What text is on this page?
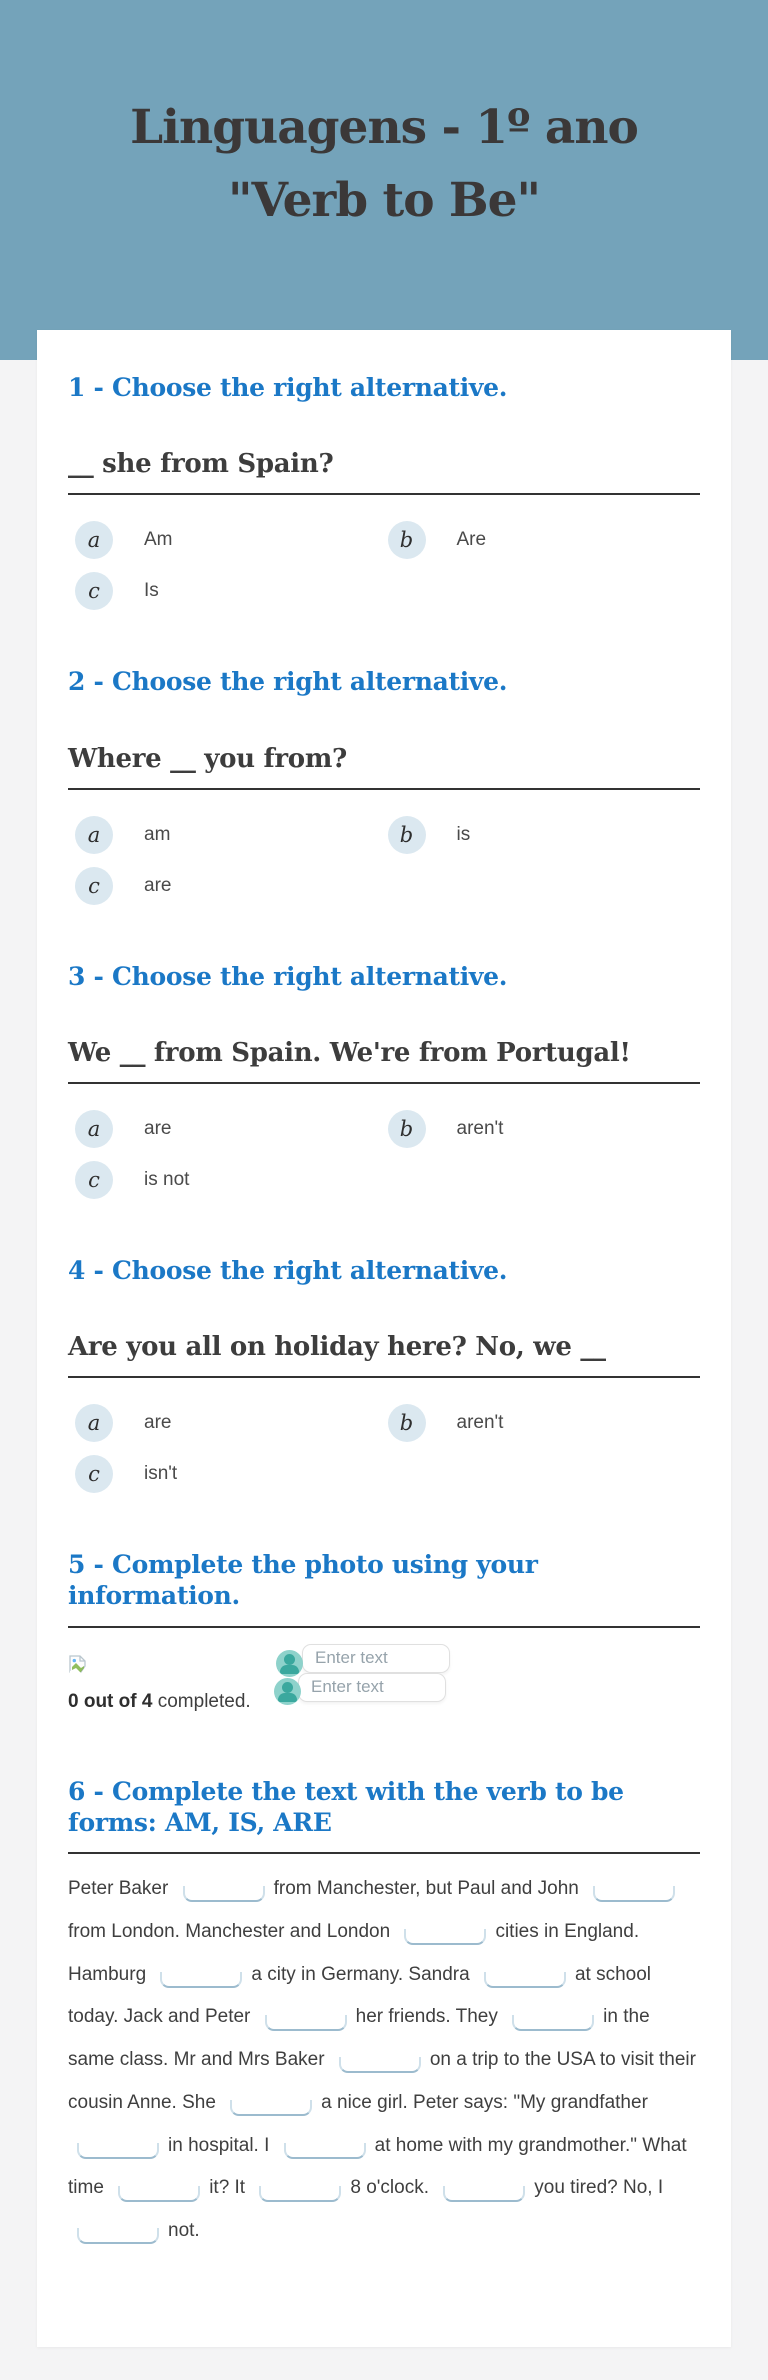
Linguagens - 1º ano "Verb to Be"
1 - Choose the right alternative.

__ she from Spain?

a	Am	b	Are
c	Is
2 - Choose the right alternative.

Where __ you from?

a	am	b	is
c	are
3 - Choose the right alternative.

We __ from Spain. We're from Portugal!

a	are	b	aren't
c	is not
4 - Choose the right alternative.

Are you all on holiday here? No, we __

a	are	b	aren't
c	isn't
5 - Complete the photo using your information.

0 out of 4 completed.

Enter text
Enter text
6 - Complete the text with the verb to be forms: AM, IS, ARE

Peter Baker	from Manchester, but Paul and John from London. Manchester and London	cities in England. Hamburg	a city in Germany. Sandra	at school today. Jack and Peter	her friends. They	in the same class. Mr and Mrs Baker	on a trip to the USA to visit their cousin Anne. She	a nice girl. Peter says: "My grandfather in hospital. I	at home with my grandmother." What time	it? It	8 o'clock.	you tired? No, I not.
